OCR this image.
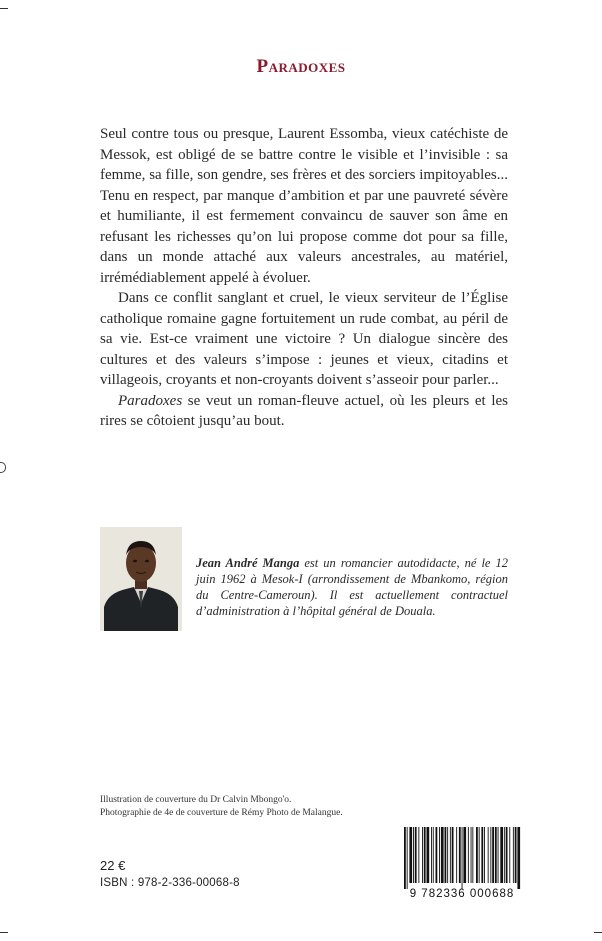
Paradoxes

Seul contre tous ou presque, Laurent Essomba, vieux catéchiste de Messok, est obligé de se battre contre le visible et l’invisible : sa femme, sa fille, son gendre, ses frères et des sorciers impitoyables... Tenu en respect, par manque d’ambition et par une pauvreté sévère et humiliante, il est fermement convaincu de sauver son âme en refusant les richesses qu’on lui propose comme dot pour sa fille, dans un monde attaché aux valeurs ancestrales, au matériel, irrémédiablement appelé à évoluer.

Dans ce conflit sanglant et cruel, le vieux serviteur de l’Église catholique romaine gagne fortuitement un rude combat, au péril de sa vie. Est-ce vraiment une victoire ? Un dialogue sincère des cultures et des valeurs s’impose : jeunes et vieux, citadins et villageois, croyants et non-croyants doivent s’asseoir pour parler...

Paradoxes se veut un roman-fleuve actuel, où les pleurs et les rires se côtoient jusqu’au bout.

Jean André Manga est un romancier autodidacte, né le 12 juin 1962 à Mesok-I (arrondissement de Mbankomo, région du Centre-Cameroun). Il est actuellement contractuel d’administration à l’hôpital général de Douala.
Illustration de couverture du Dr Calvin Mbongo'o.
Photographie de 4e de couverture de Rémy Photo de Malangue.
22 €
ISBN : 978-2-336-00068-8
9 782336 000688
